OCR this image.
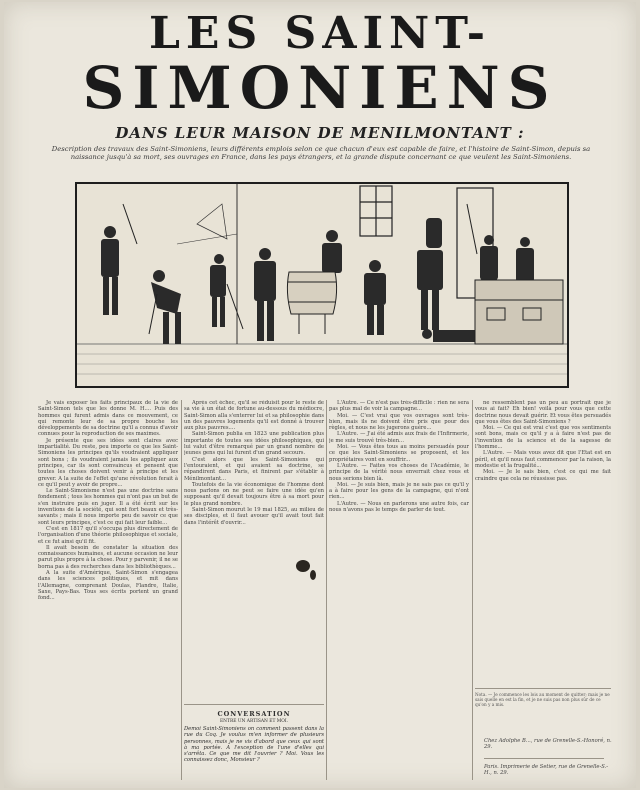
LES SAINT-
SIMONIENS
DANS LEUR MAISON DE MENILMONTANT :
Description des travaux des Saint-Simoniens, leurs différents emplois selon ce que chacun d'eux est capable de faire, et l'histoire de Saint-Simon, depuis sa naissance jusqu'à sa mort, ses ouvrages en France, dans les pays étrangers, et la grande dispute concernant ce que veulent les Saint-Simoniens.

Je vais exposer les faits principaux de la vie de Saint-Simon tels que les donne M. H.... Puis des hommes qui furent admis dans ce mouvement, ce qui remonte leur de sa propre bouche les développements de sa doctrine qu'il a connus d'avoir connues pour la reproduction de ses maximes.

Je présente que ses idées sont claires avec impartialité. Du reste, peu importe ce que les Saint-Simoniens les principes qu'ils voudraient appliquer sont bons ; ils voudraient jamais les appliquer aux principes, car ils sont convaincus et pensent que toutes les choses doivent venir à principe et les grever. A la suite de l'effet qu'une révolution ferait à ce qu'il peut y avoir de propre...

Le Saint-Simonisme n'est pas une doctrine sans fondement ; tous les hommes qui n'ont pas un but de s'en instruire puis en juger. Il a été écrit sur les inventions de la société, qui sont fort beaux et très-savants ; mais il nous importe peu de savoir ce que sont leurs principes, c'est ce qui fait leur faible...

C'est en 1817 qu'il s'occupa plus directement de l'organisation d'une théorie philosophique et sociale, et ce fut ainsi qu'il fit.

Il avait besoin de constater la situation des connaissances humaines, et aucune occasion ne leur parut plus propre à la chose. Pour y parvenir, il ne se borna pas à des recherches dans les bibliothèques...

A la suite d'Amérique, Saint-Simon s'engagea dans les sciences politiques, et mit dans l'Allemagne, comprenant Doulas, Flandre, Italie, Saxe, Pays-Bas. Tous ses écrits portent un grand fond...

Après cet échec, qu'il se réduisit pour le reste de sa vie à un état de fortune au-dessous du médiocre, Saint-Simon alla s'enterrer lui et sa philosophie dans un des pauvres logements qu'il est donné à trouver aux plus pauvres....

Saint-Simon publia en 1823 une publication plus importante de toutes ses idées philosophiques, qui lui valut d'être remarqué par un grand nombre de jeunes gens qui lui furent d'un grand secours.

C'est alors que les Saint-Simoniens qui l'entouraient, et qui avaient sa doctrine, se répandirent dans Paris, et finirent par s'établir à Ménilmontant...

Toutefois de la vie économique de l'homme dont nous parlons on ne peut se faire une idée qu'en supposant qu'il devait toujours être à sa mort pour le plus grand nombre.

Saint-Simon mourut le 19 mai 1825, au milieu de ses disciples, et il faut avouer qu'il avait tout fait dans l'intérêt d'ouvrir...

CONVERSATION
ENTRE UN ARTISAN ET MOI.
Demoi Saint-Simoniens on comment passent dans la rue du Coq. Je voulus m'en informer de plusieurs personnes, mais je ne vis d'abord que ceux qui sont à ma portée. A l'exception de l'une d'elles qui s'arrêta. Ce que me dit l'ouvrier ? Moi. Vous les connaissez donc, Monsieur ?

L'Autre. — Ce n'est pas très-difficile : rien ne sera pas plus mal de voir la campagne...

Moi. — C'est vrai que vos ouvrages sont très-bien, mais ils ne doivent être pris que pour des règles, et nous ne les jugerons guère...

L'Autre. — J'ai été admis aux frais de l'Infirmerie, je me suis trouvé très-bien...

Moi. — Vous êtes tous au moins persuadés pour ce que les Saint-Simoniens se proposent, et les propriétaires vont en souffrir...

L'Autre. — Faites vos choses de l'Académie, le principe de la vérité nous enverrait chez vous et nous serions bien là.

Moi. — Je suis bien, mais je ne sais pas ce qu'il y a à faire pour les gens de la campagne, qui n'ont rien...

L'Autre. — Nous en parlerons une autre fois, car nous n'avons pas le temps de parler de tout.

ne ressemblent pas un peu au portrait que je vous ai fait? Eh bien! voilà pour vous que cette doctrine nous devait guérir. Et vous êtes persuadés que vous êtes des Saint-Simoniens ?

Moi. — Ce qui est vrai c'est que vos sentiments sont bons, mais ce qu'il y a à faire n'est pas de l'invention de la science et de la sagesse de l'homme...

L'Autre. — Mais vous avez dit que l'Etat est en péril, et qu'il nous faut commencer par la raison, la modestie et la frugalité...

Moi. — Je le sais bien, c'est ce qui me fait craindre que cela ne réussisse pas.

Nota. — Je commence les lois au moment de quitter; mais je ne sais quelle en est la fin, et je ne suis pas non plus sûr de ce qu'on y a mis.
Chez Adolphe B..., rue de Grenelle-S.-Honoré, n. 29.
Paris. Imprimerie de Setier, rue de Grenelle-S.-H., n. 29.
